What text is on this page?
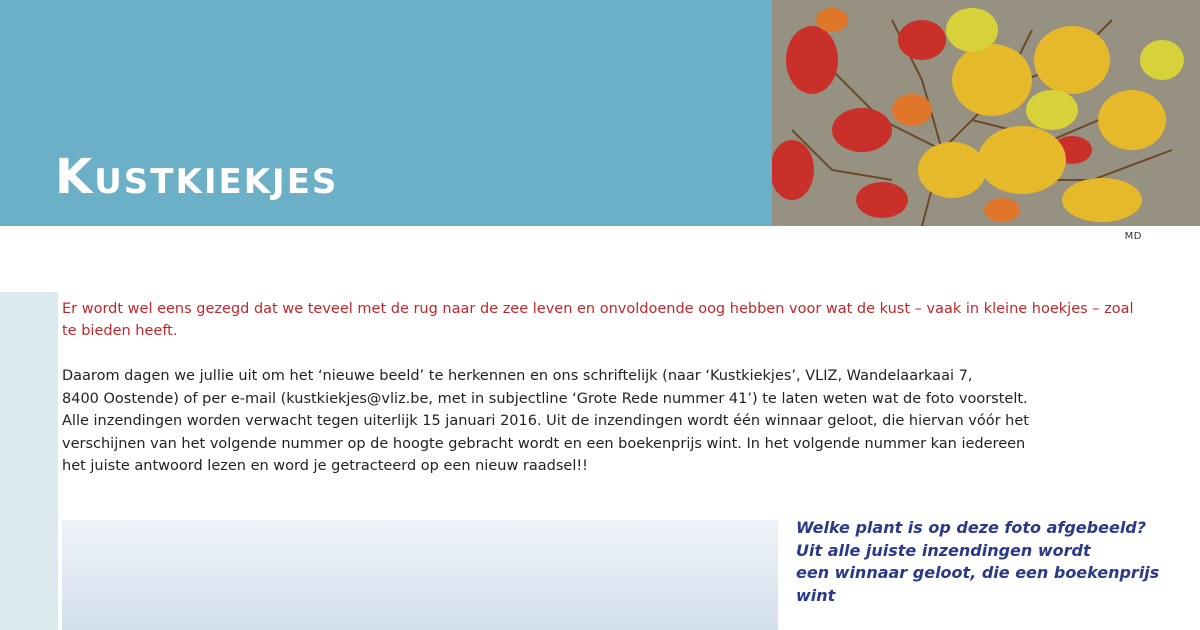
Kustkiekjes
MD

Er wordt wel eens gezegd dat we teveel met de rug naar de zee leven en onvoldoende oog hebben voor wat de kust – vaak in kleine hoekjes – zoal te bieden heeft.

Daarom dagen we jullie uit om het ‘nieuwe beeld’ te herkennen en ons schriftelijk (naar ‘Kustkiekjes’, VLIZ, Wandelaarkaai 7,
8400 Oostende) of per e-mail (kustkiekjes@vliz.be, met in subjectline ‘Grote Rede nummer 41’) te laten weten wat de foto voorstelt.
Alle inzendingen worden verwacht tegen uiterlijk 15 januari 2016. Uit de inzendingen wordt één winnaar geloot, die hiervan vóór het
verschijnen van het volgende nummer op de hoogte gebracht wordt en een boekenprijs wint. In het volgende nummer kan iedereen
het juiste antwoord lezen en word je getracteerd op een nieuw raadsel!!
Welke plant is op deze foto afgebeeld?
Uit alle juiste inzendingen wordt
een winnaar geloot, die een boekenprijs
wint
